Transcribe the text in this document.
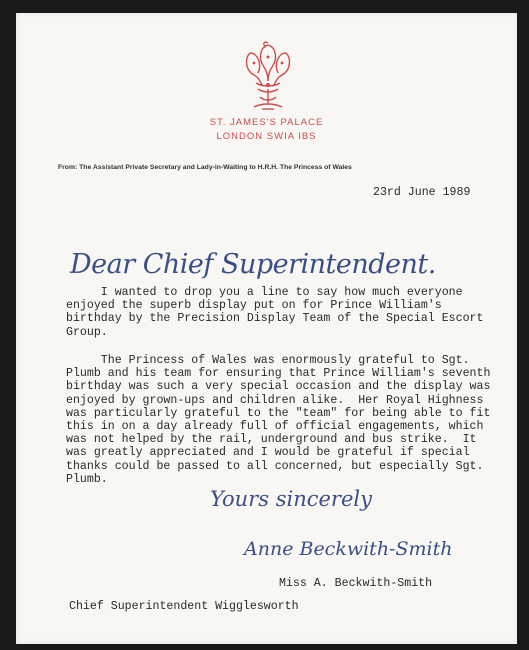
ST. JAMES'S PALACE
LONDON SWIA IBS
From: The Assistant Private Secretary and Lady-in-Waiting to H.R.H. The Princess of Wales
23rd June 1989
Dear Chief Superintendent.
I wanted to drop you a line to say how much everyone
enjoyed the superb display put on for Prince William's
birthday by the Precision Display Team of the Special Escort
Group.
The Princess of Wales was enormously grateful to Sgt.
Plumb and his team for ensuring that Prince William's seventh
birthday was such a very special occasion and the display was
enjoyed by grown-ups and children alike.  Her Royal Highness
was particularly grateful to the "team" for being able to fit
this in on a day already full of official engagements, which
was not helped by the rail, underground and bus strike.  It
was greatly appreciated and I would be grateful if special
thanks could be passed to all concerned, but especially Sgt.
Plumb.
Yours sincerely
Anne Beckwith-Smith
Miss A. Beckwith-Smith
Chief Superintendent Wigglesworth
